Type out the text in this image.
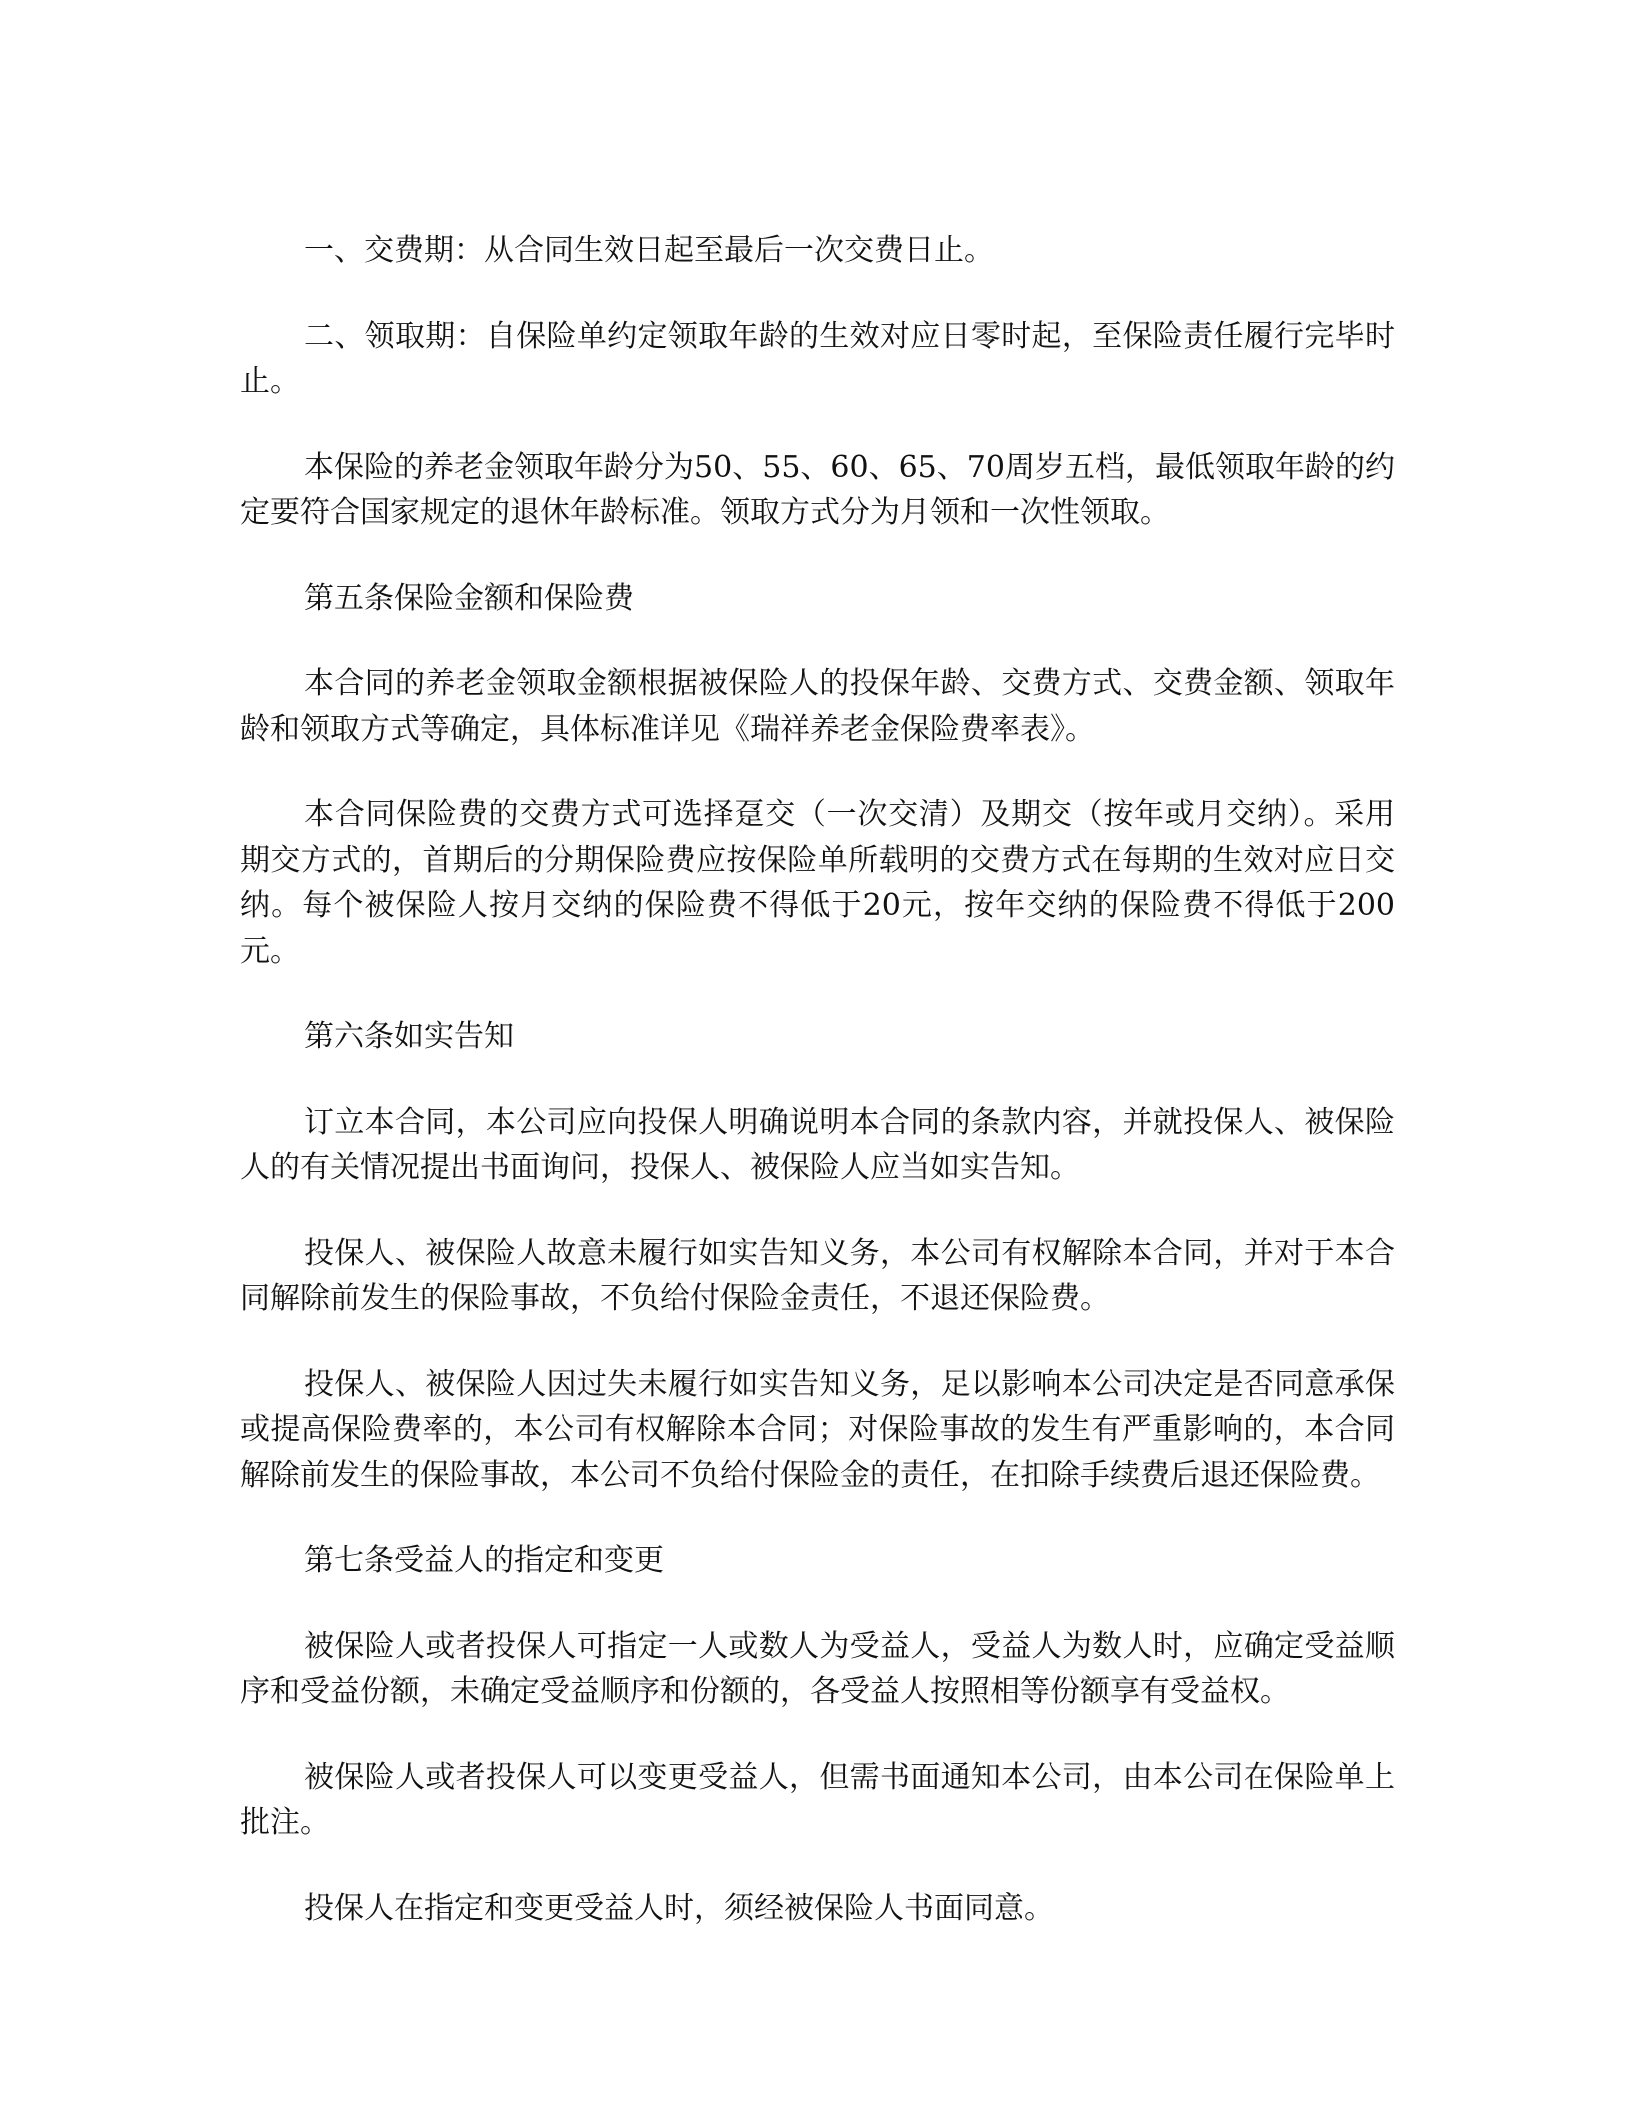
一、交费期：从合同生效日起至最后一次交费日止。

二、领取期：自保险单约定领取年龄的生效对应日零时起，至保险责任履行完毕时止。

本保险的养老金领取年龄分为50、55、60、65、70周岁五档，最低领取年龄的约定要符合国家规定的退休年龄标准。领取方式分为月领和一次性领取。

第五条保险金额和保险费

本合同的养老金领取金额根据被保险人的投保年龄、交费方式、交费金额、领取年龄和领取方式等确定，具体标准详见《瑞祥养老金保险费率表》。

本合同保险费的交费方式可选择趸交（一次交清）及期交（按年或月交纳）。采用期交方式的，首期后的分期保险费应按保险单所载明的交费方式在每期的生效对应日交纳。每个被保险人按月交纳的保险费不得低于20元，按年交纳的保险费不得低于200元。

第六条如实告知

订立本合同，本公司应向投保人明确说明本合同的条款内容，并就投保人、被保险人的有关情况提出书面询问，投保人、被保险人应当如实告知。

投保人、被保险人故意未履行如实告知义务，本公司有权解除本合同，并对于本合同解除前发生的保险事故，不负给付保险金责任，不退还保险费。

投保人、被保险人因过失未履行如实告知义务，足以影响本公司决定是否同意承保或提高保险费率的，本公司有权解除本合同；对保险事故的发生有严重影响的，本合同解除前发生的保险事故，本公司不负给付保险金的责任，在扣除手续费后退还保险费。

第七条受益人的指定和变更

被保险人或者投保人可指定一人或数人为受益人，受益人为数人时，应确定受益顺序和受益份额，未确定受益顺序和份额的，各受益人按照相等份额享有受益权。

被保险人或者投保人可以变更受益人，但需书面通知本公司，由本公司在保险单上批注。

投保人在指定和变更受益人时，须经被保险人书面同意。
